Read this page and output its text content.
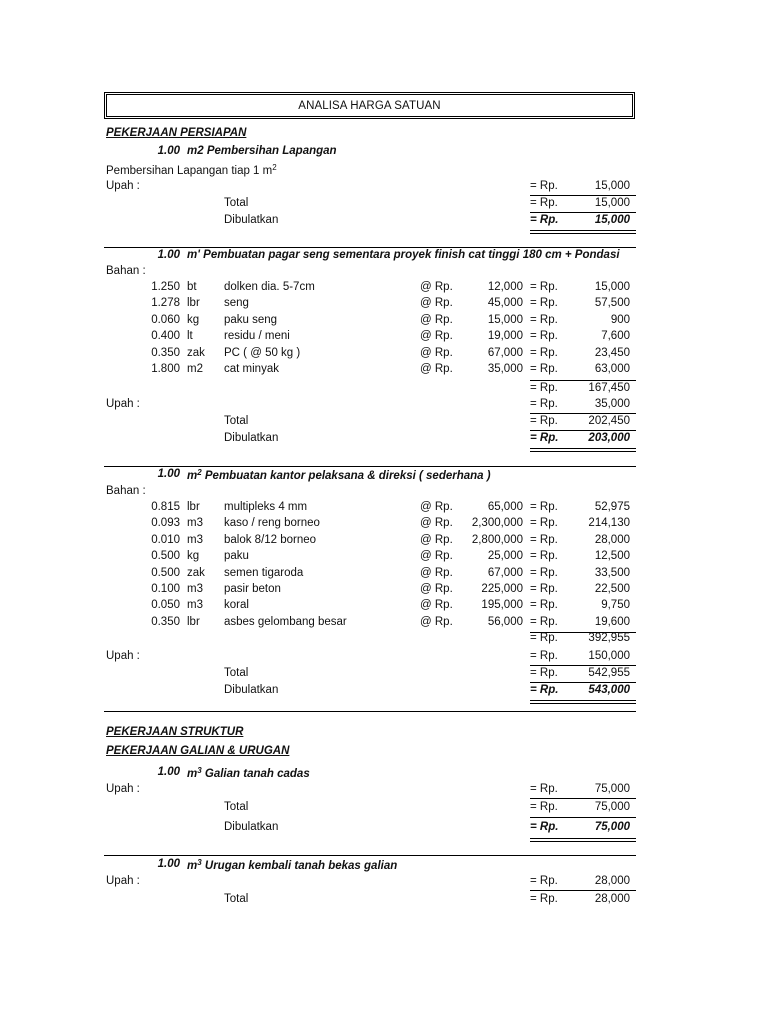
ANALISA HARGA SATUAN
PEKERJAAN PERSIAPAN
1.00 m2 Pembersihan Lapangan
Pembersihan Lapangan tiap 1 $m^2$
Upah :	= Rp.	15,000
Total	= Rp.	15,000
Dibulatkan	= Rp.	15,000
1.00 m' Pembuatan pagar seng sementara proyek finish cat tinggi 180 cm + Pondasi
Bahan :
1.250 bt dolken dia. 5-7cm	@ Rp.	12,000 = Rp.	15,000
1.278 lbr seng	@ Rp.	45,000 = Rp.	57,500
0.060 kg paku seng	@ Rp.	15,000 = Rp.	900
0.400 lt	residu / meni	@ Rp.	19,000 = Rp.	7,600
0.350 zak PC ( @ 50 kg )	@ Rp.	67,000 = Rp.	23,450
1.800 m2 cat minyak	@ Rp.	35,000 = Rp.	63,000
= Rp.	167,450
Upah :	= Rp.	35,000
Total	= Rp.	202,450
Dibulatkan	= Rp.	203,000
1.00 $m^2$ Pembuatan kantor pelaksana & direksi ( sederhana )
Bahan :
0.815 lbr multipleks 4 mm	@ Rp.	65,000 = Rp.	52,975
0.093 m3 kaso / reng borneo	@ Rp.	2,300,000 = Rp.	214,130
0.010 m3 balok 8/12 borneo	@ Rp.	2,800,000 = Rp.	28,000
0.500 kg paku	@ Rp.	25,000 = Rp.	12,500
0.500 zak semen tigaroda	@ Rp.	67,000 = Rp.	33,500
0.100 m3 pasir beton	@ Rp.	225,000 = Rp.	22,500
0.050 m3 koral	@ Rp.	195,000 = Rp.	9,750
0.350 lbr asbes gelombang besar	@ Rp.	56,000 = Rp.	19,600
= Rp.	392,955
Upah :	= Rp.	150,000
Total	= Rp.	542,955
Dibulatkan	= Rp.	543,000
PEKERJAAN STRUKTUR
PEKERJAAN GALIAN & URUGAN
1.00 $m^3$ Galian tanah cadas
Upah :	= Rp.	75,000
Total	= Rp.	75,000
Dibulatkan	= Rp.	75,000
1.00 $m^3$ Urugan kembali tanah bekas galian
Upah :	= Rp.	28,000
Total	= Rp.	28,000
